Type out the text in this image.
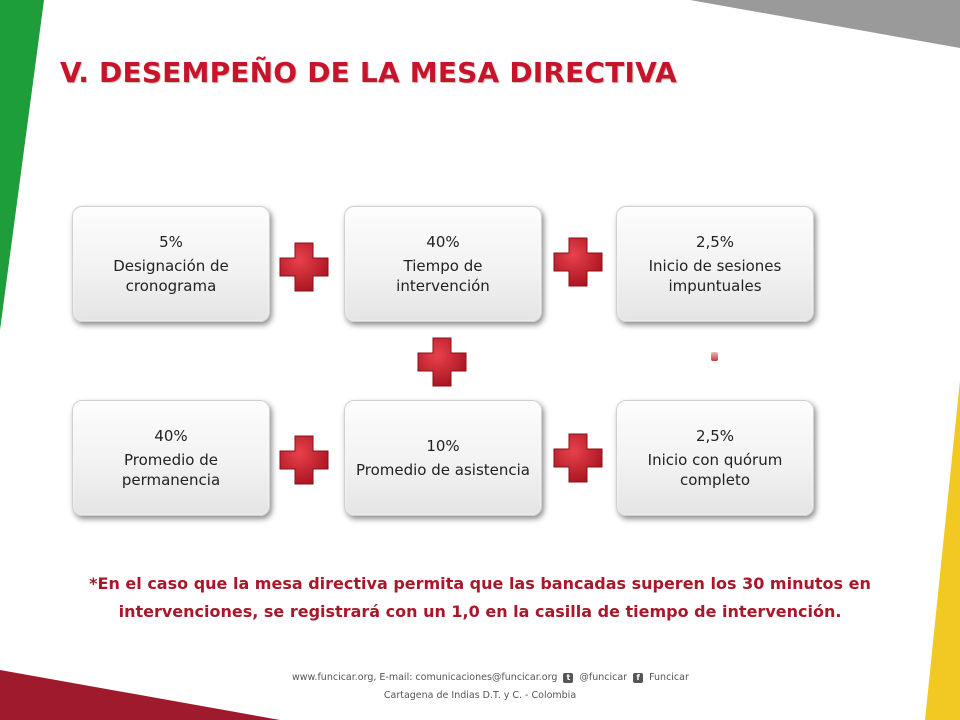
V. DESEMPEÑO DE LA MESA DIRECTIVA
5%
Designación de cronograma
40%
Tiempo de intervención
2,5%
Inicio de sesiones impuntuales
40%
Promedio de permanencia
10%
Promedio de asistencia
2,5%
Inicio con quórum completo
*En el caso que la mesa directiva permita que las bancadas superen los 30 minutos en intervenciones, se registrará con un 1,0 en la casilla de tiempo de intervención.
www.funcicar.org, E-mail: comunicaciones@funcicar.org	t @funcicar	f Funcicar
Cartagena de Indias D.T. y C. - Colombia
